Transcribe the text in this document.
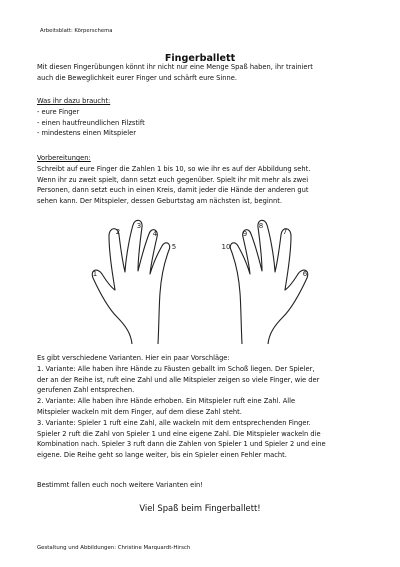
Arbeitsblatt: Körperschema
Fingerballett

Mit diesen Fingerübungen könnt ihr nicht nur eine Menge Spaß haben, ihr trainiert

auch die Beweglichkeit eurer Finger und schärft eure Sinne.

Was ihr dazu braucht:

- eure Finger
- einen hautfreundlichen Filzstift
- mindestens einen Mitspieler

Vorbereitungen:

Schreibt auf eure Finger die Zahlen 1 bis 10, so wie ihr es auf der Abbildung seht.

Wenn ihr zu zweit spielt, dann setzt euch gegenüber. Spielt ihr mit mehr als zwei

Personen, dann setzt euch in einen Kreis, damit jeder die Hände der anderen gut

sehen kann. Der Mitspieler, dessen Geburtstag am nächsten ist, beginnt.

1
2
3
4
5
6
7
8
9
10

Es gibt verschiedene Varianten. Hier ein paar Vorschläge:

1. Variante: Alle haben ihre Hände zu Fäusten geballt im Schoß liegen. Der Spieler,

der an der Reihe ist, ruft eine Zahl und alle Mitspieler zeigen so viele Finger, wie der

gerufenen Zahl entsprechen.

2. Variante: Alle haben ihre Hände erhoben. Ein Mitspieler ruft eine Zahl. Alle

Mitspieler wackeln mit dem Finger, auf dem diese Zahl steht.

3. Variante: Spieler 1 ruft eine Zahl, alle wackeln mit dem entsprechenden Finger.

Spieler 2 ruft die Zahl von Spieler 1 und eine eigene Zahl. Die Mitspieler wackeln die

Kombination nach. Spieler 3 ruft dann die Zahlen von Spieler 1 und Spieler 2 und eine

eigene. Die Reihe geht so lange weiter, bis ein Spieler einen Fehler macht.

Bestimmt fallen euch noch weitere Varianten ein!
Viel Spaß beim Fingerballett!
Gestaltung und Abbildungen: Christine Marquardt-Hirsch
